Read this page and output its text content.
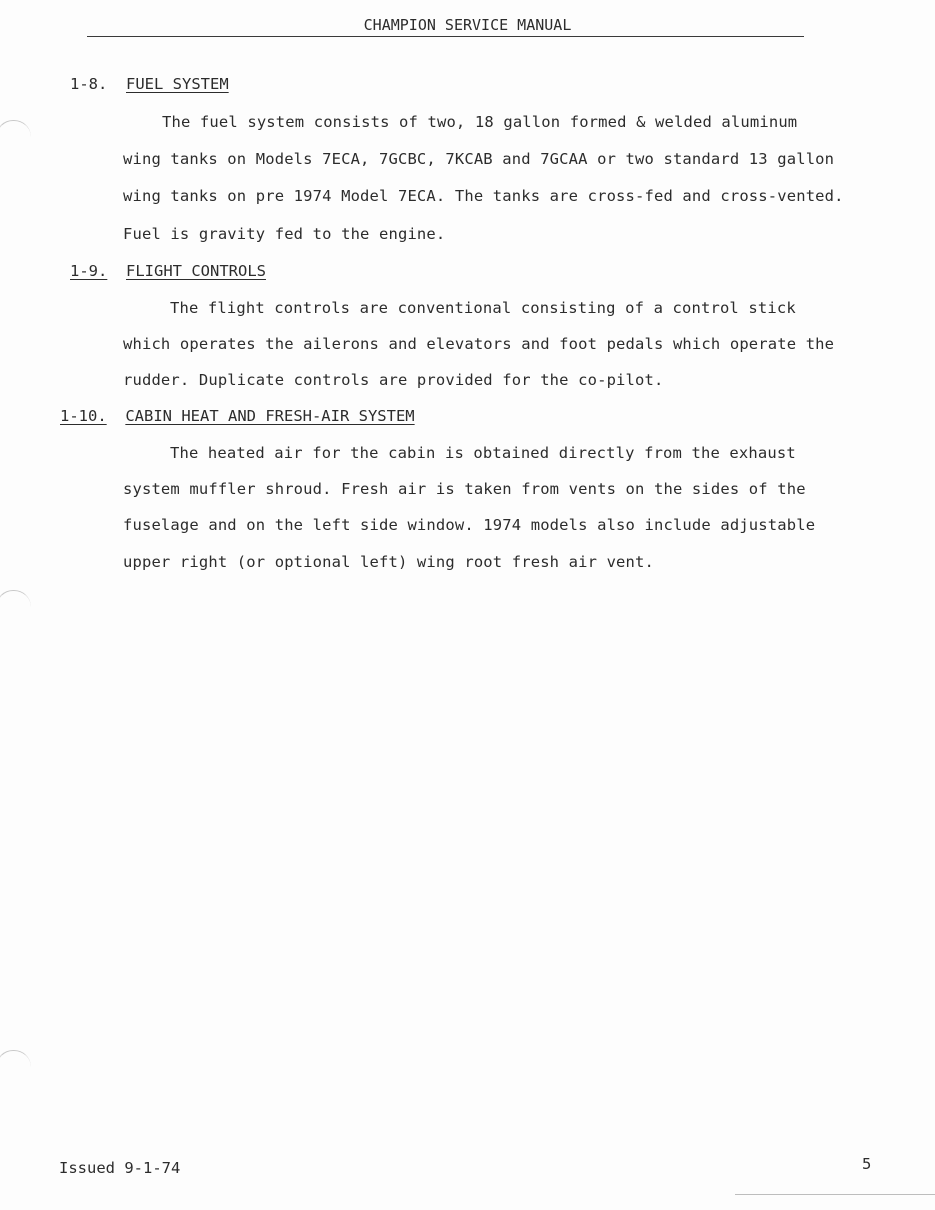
CHAMPION SERVICE MANUAL
1-8. FUEL SYSTEM
The fuel system consists of two, 18 gallon formed & welded aluminum
wing tanks on Models 7ECA, 7GCBC, 7KCAB and 7GCAA or two standard 13 gallon
wing tanks on pre 1974 Model 7ECA. The tanks are cross-fed and cross-vented.
Fuel is gravity fed to the engine.
1-9. FLIGHT CONTROLS
The flight controls are conventional consisting of a control stick
which operates the ailerons and elevators and foot pedals which operate the
rudder. Duplicate controls are provided for the co-pilot.
1-10. CABIN HEAT AND FRESH-AIR SYSTEM
The heated air for the cabin is obtained directly from the exhaust
system muffler shroud. Fresh air is taken from vents on the sides of the
fuselage and on the left side window. 1974 models also include adjustable
upper right (or optional left) wing root fresh air vent.
Issued 9-1-74	5
